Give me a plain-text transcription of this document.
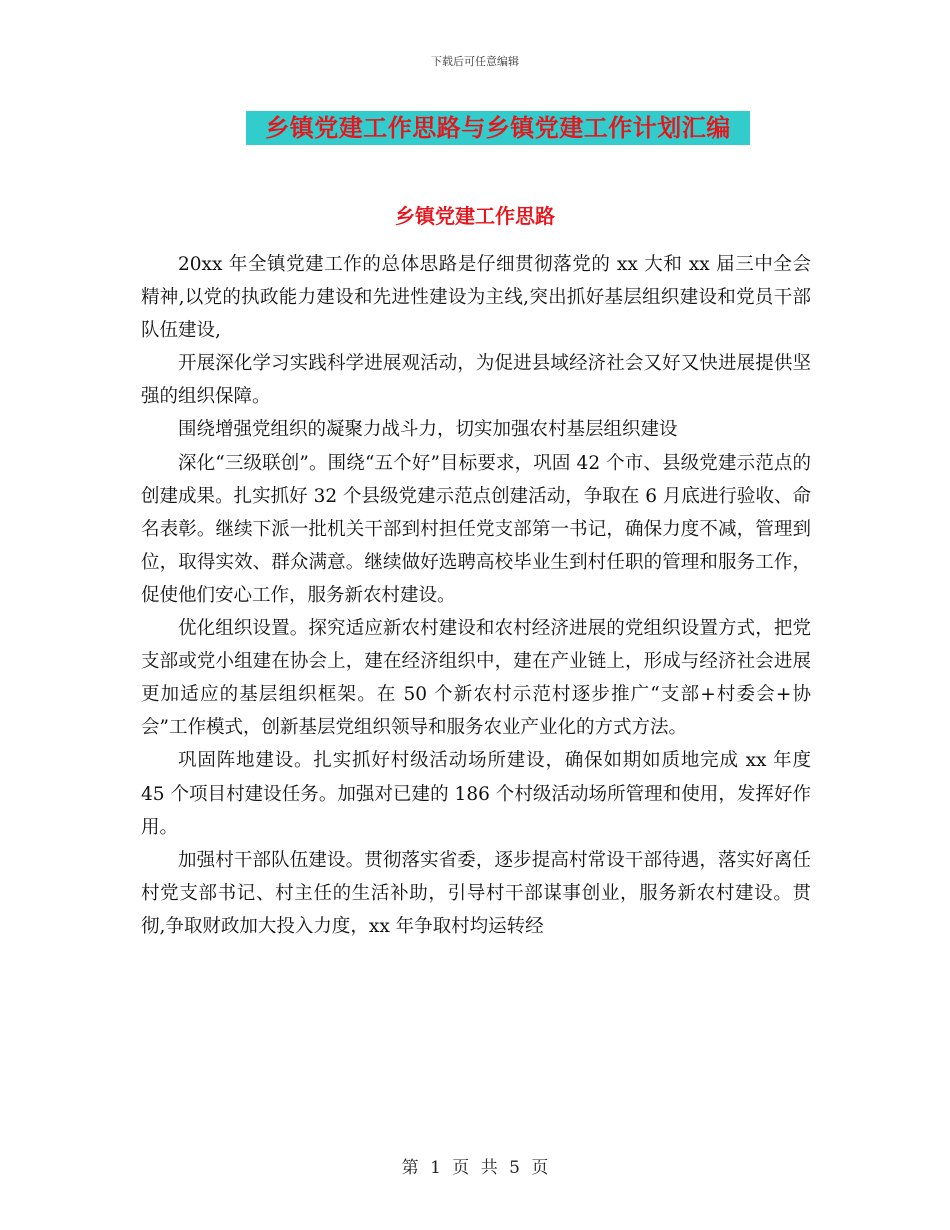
下载后可任意编辑
乡镇党建工作思路与乡镇党建工作计划汇编
乡镇党建工作思路

20xx 年全镇党建工作的总体思路是仔细贯彻落党的 xx 大和 xx 届三中全会精神,以党的执政能力建设和先进性建设为主线,突出抓好基层组织建设和党员干部队伍建设,

开展深化学习实践科学进展观活动，为促进县域经济社会又好又快进展提供坚强的组织保障。

围绕增强党组织的凝聚力战斗力，切实加强农村基层组织建设

深化“三级联创”。围绕“五个好”目标要求，巩固 42 个市、县级党建示范点的创建成果。扎实抓好 32 个县级党建示范点创建活动，争取在 6 月底进行验收、命名表彰。继续下派一批机关干部到村担任党支部第一书记，确保力度不减，管理到位，取得实效、群众满意。继续做好选聘高校毕业生到村任职的管理和服务工作，促使他们安心工作，服务新农村建设。

优化组织设置。探究适应新农村建设和农村经济进展的党组织设置方式，把党支部或党小组建在协会上，建在经济组织中，建在产业链上，形成与经济社会进展更加适应的基层组织框架。在 50 个新农村示范村逐步推广“支部+村委会+协会”工作模式，创新基层党组织领导和服务农业产业化的方式方法。

巩固阵地建设。扎实抓好村级活动场所建设，确保如期如质地完成 xx 年度 45 个项目村建设任务。加强对已建的 186 个村级活动场所管理和使用，发挥好作用。

加强村干部队伍建设。贯彻落实省委，逐步提高村常设干部待遇，落实好离任村党支部书记、村主任的生活补助，引导村干部谋事创业，服务新农村建设。贯彻,争取财政加大投入力度，xx 年争取村均运转经

第 1 页 共 5 页
